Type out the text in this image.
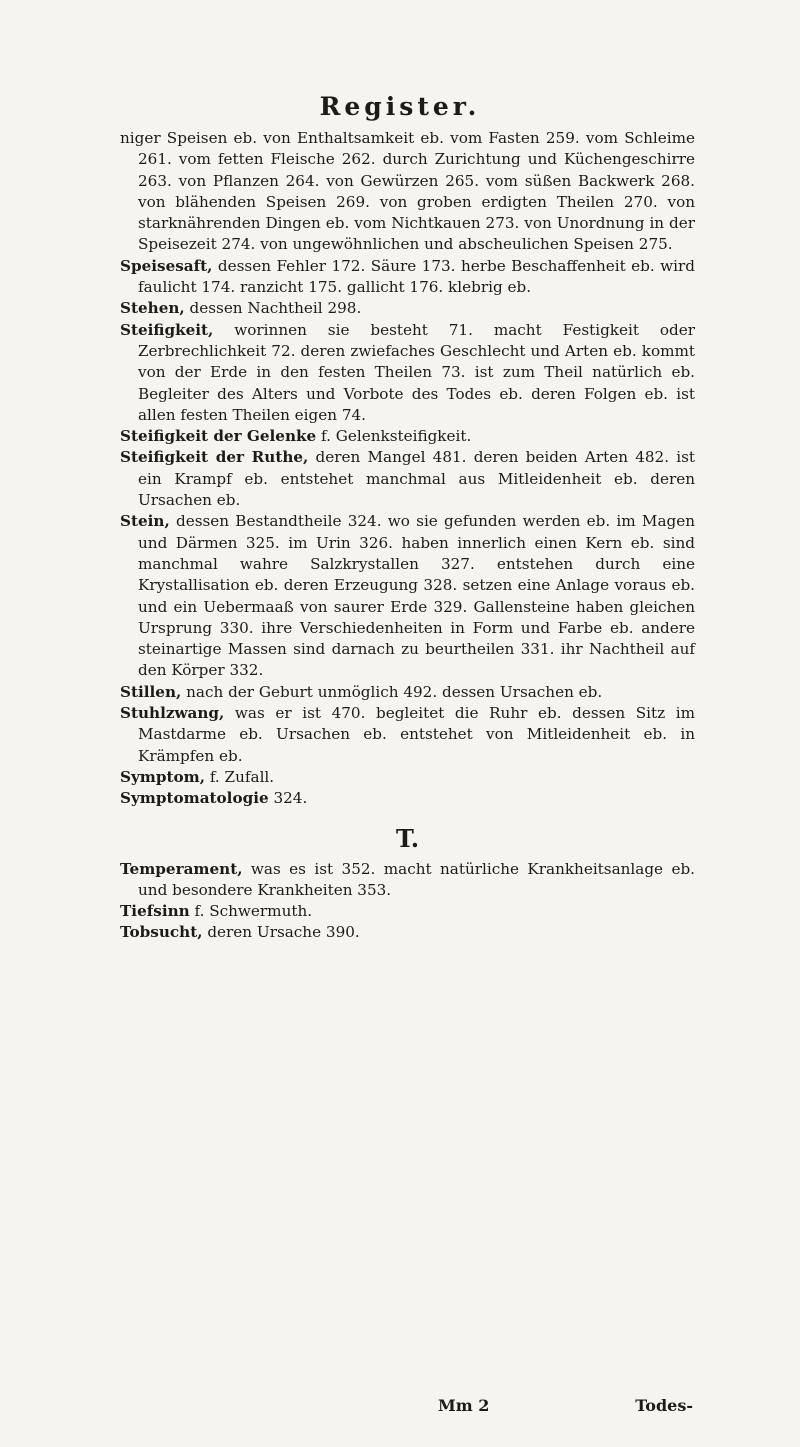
Register.

niger Speisen eb. von Enthaltsamkeit eb. vom Fasten 259. vom Schleime 261. vom fetten Fleische 262. durch Zurichtung und Küchengeschirre 263. von Pflanzen 264. von Gewürzen 265. vom süßen Backwerk 268. von blähenden Speisen 269. von groben erdigten Theilen 270. von starknährenden Dingen eb. vom Nichtkauen 273. von Unordnung in der Speisezeit 274. von ungewöhnlichen und abscheulichen Speisen 275.

Speisesaft, dessen Fehler 172. Säure 173. herbe Beschaffenheit eb. wird faulicht 174. ranzicht 175. gallicht 176. klebrig eb.

Stehen, dessen Nachtheil 298.

Steifigkeit, worinnen sie besteht 71. macht Festigkeit oder Zerbrechlichkeit 72. deren zwiefaches Geschlecht und Arten eb. kommt von der Erde in den festen Theilen 73. ist zum Theil natürlich eb. Begleiter des Alters und Vorbote des Todes eb. deren Folgen eb. ist allen festen Theilen eigen 74.

Steifigkeit der Gelenke f. Gelenksteifigkeit.

Steifigkeit der Ruthe, deren Mangel 481. deren beiden Arten 482. ist ein Krampf eb. entstehet manchmal aus Mitleidenheit eb. deren Ursachen eb.

Stein, dessen Bestandtheile 324. wo sie gefunden werden eb. im Magen und Därmen 325. im Urin 326. haben innerlich einen Kern eb. sind manchmal wahre Salzkrystallen 327. entstehen durch eine Krystallisation eb. deren Erzeugung 328. setzen eine Anlage voraus eb. und ein Uebermaaß von saurer Erde 329. Gallensteine haben gleichen Ursprung 330. ihre Verschiedenheiten in Form und Farbe eb. andere steinartige Massen sind darnach zu beurtheilen 331. ihr Nachtheil auf den Körper 332.

Stillen, nach der Geburt unmöglich 492. dessen Ursachen eb.

Stuhlzwang, was er ist 470. begleitet die Ruhr eb. dessen Sitz im Mastdarme eb. Ursachen eb. entstehet von Mitleidenheit eb. in Krämpfen eb.

Symptom, f. Zufall.

Symptomatologie 324.

T.

Temperament, was es ist 352. macht natürliche Krankheitsanlage eb. und besondere Krankheiten 353.

Tiefsinn f. Schwermuth.

Tobsucht, deren Ursache 390.

Mm 2	Todes-
